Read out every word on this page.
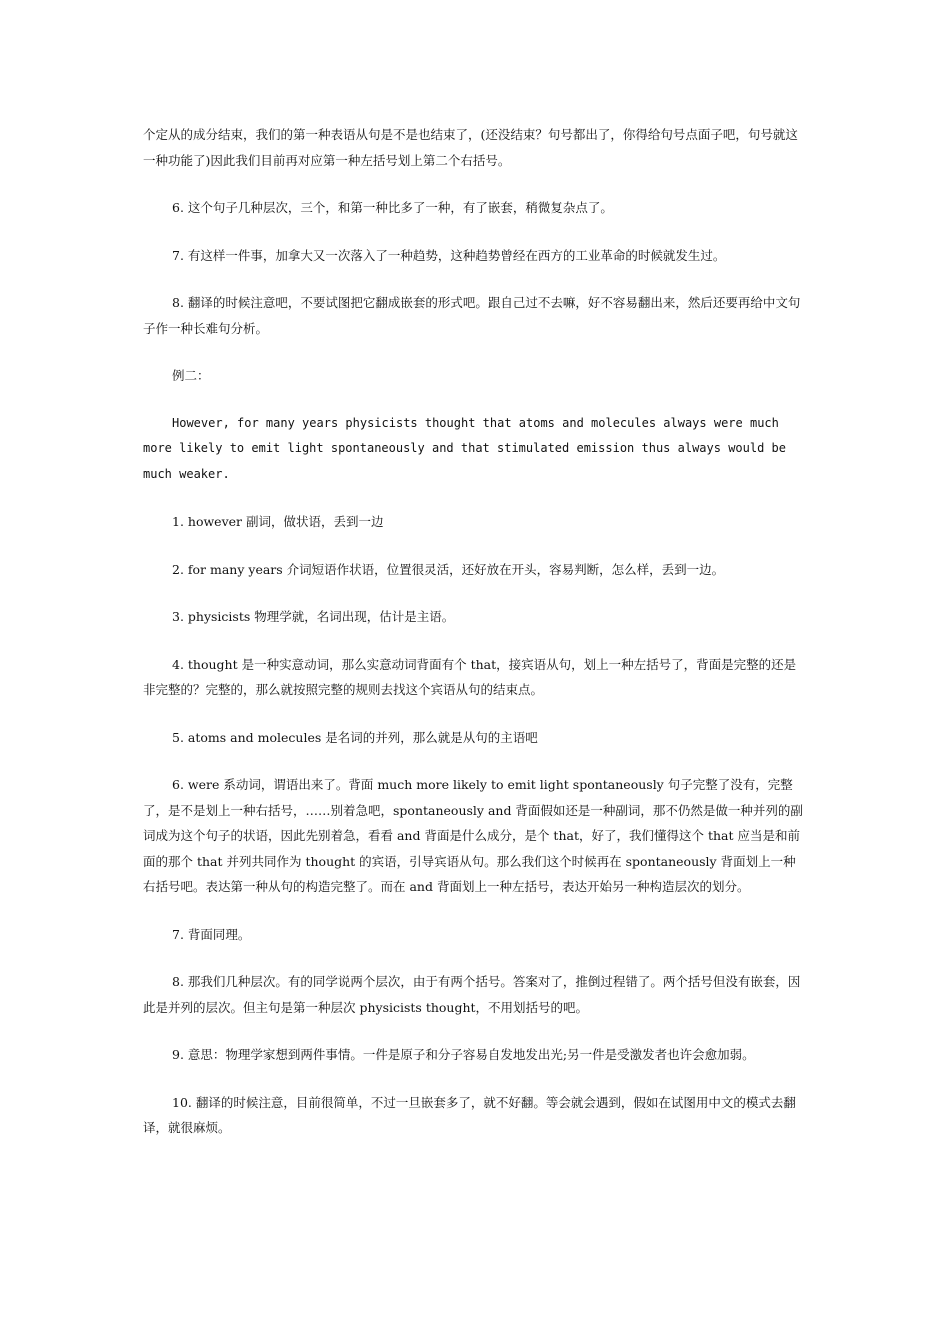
个定从的成分结束，我们的第一种表语从句是不是也结束了，(还没结束？句号都出了，你得给句号点面子吧，句号就这一种功能了)因此我们目前再对应第一种左括号划上第二个右括号。

6. 这个句子几种层次，三个，和第一种比多了一种，有了嵌套，稍微复杂点了。

7. 有这样一件事，加拿大又一次落入了一种趋势，这种趋势曾经在西方的工业革命的时候就发生过。

8. 翻译的时候注意吧，不要试图把它翻成嵌套的形式吧。跟自己过不去嘛，好不容易翻出来，然后还要再给中文句子作一种长难句分析。

例二：

However, for many years physicists thought that atoms and molecules always were much more likely to emit light spontaneously and that stimulated emission thus always would be much weaker.

1. however 副词，做状语，丢到一边

2. for many years 介词短语作状语，位置很灵活，还好放在开头，容易判断，怎么样，丢到一边。

3. physicists 物理学就，名词出现，估计是主语。

4. thought 是一种实意动词，那么实意动词背面有个 that，接宾语从句，划上一种左括号了，背面是完整的还是非完整的？完整的，那么就按照完整的规则去找这个宾语从句的结束点。

5. atoms and molecules 是名词的并列，那么就是从句的主语吧

6. were 系动词，谓语出来了。背面 much more likely to emit light spontaneously 句子完整了没有，完整了，是不是划上一种右括号，……别着急吧，spontaneously and 背面假如还是一种副词，那不仍然是做一种并列的副词成为这个句子的状语，因此先别着急，看看 and 背面是什么成分，是个 that，好了，我们懂得这个 that 应当是和前面的那个 that 并列共同作为 thought 的宾语，引导宾语从句。那么我们这个时候再在 spontaneously 背面划上一种右括号吧。表达第一种从句的构造完整了。而在 and 背面划上一种左括号，表达开始另一种构造层次的划分。

7. 背面同理。

8. 那我们几种层次。有的同学说两个层次，由于有两个括号。答案对了，推倒过程错了。两个括号但没有嵌套，因此是并列的层次。但主句是第一种层次 physicists thought，不用划括号的吧。

9. 意思：物理学家想到两件事情。一件是原子和分子容易自发地发出光;另一件是受激发者也许会愈加弱。

10. 翻译的时候注意，目前很简单，不过一旦嵌套多了，就不好翻。等会就会遇到，假如在试图用中文的模式去翻译，就很麻烦。
